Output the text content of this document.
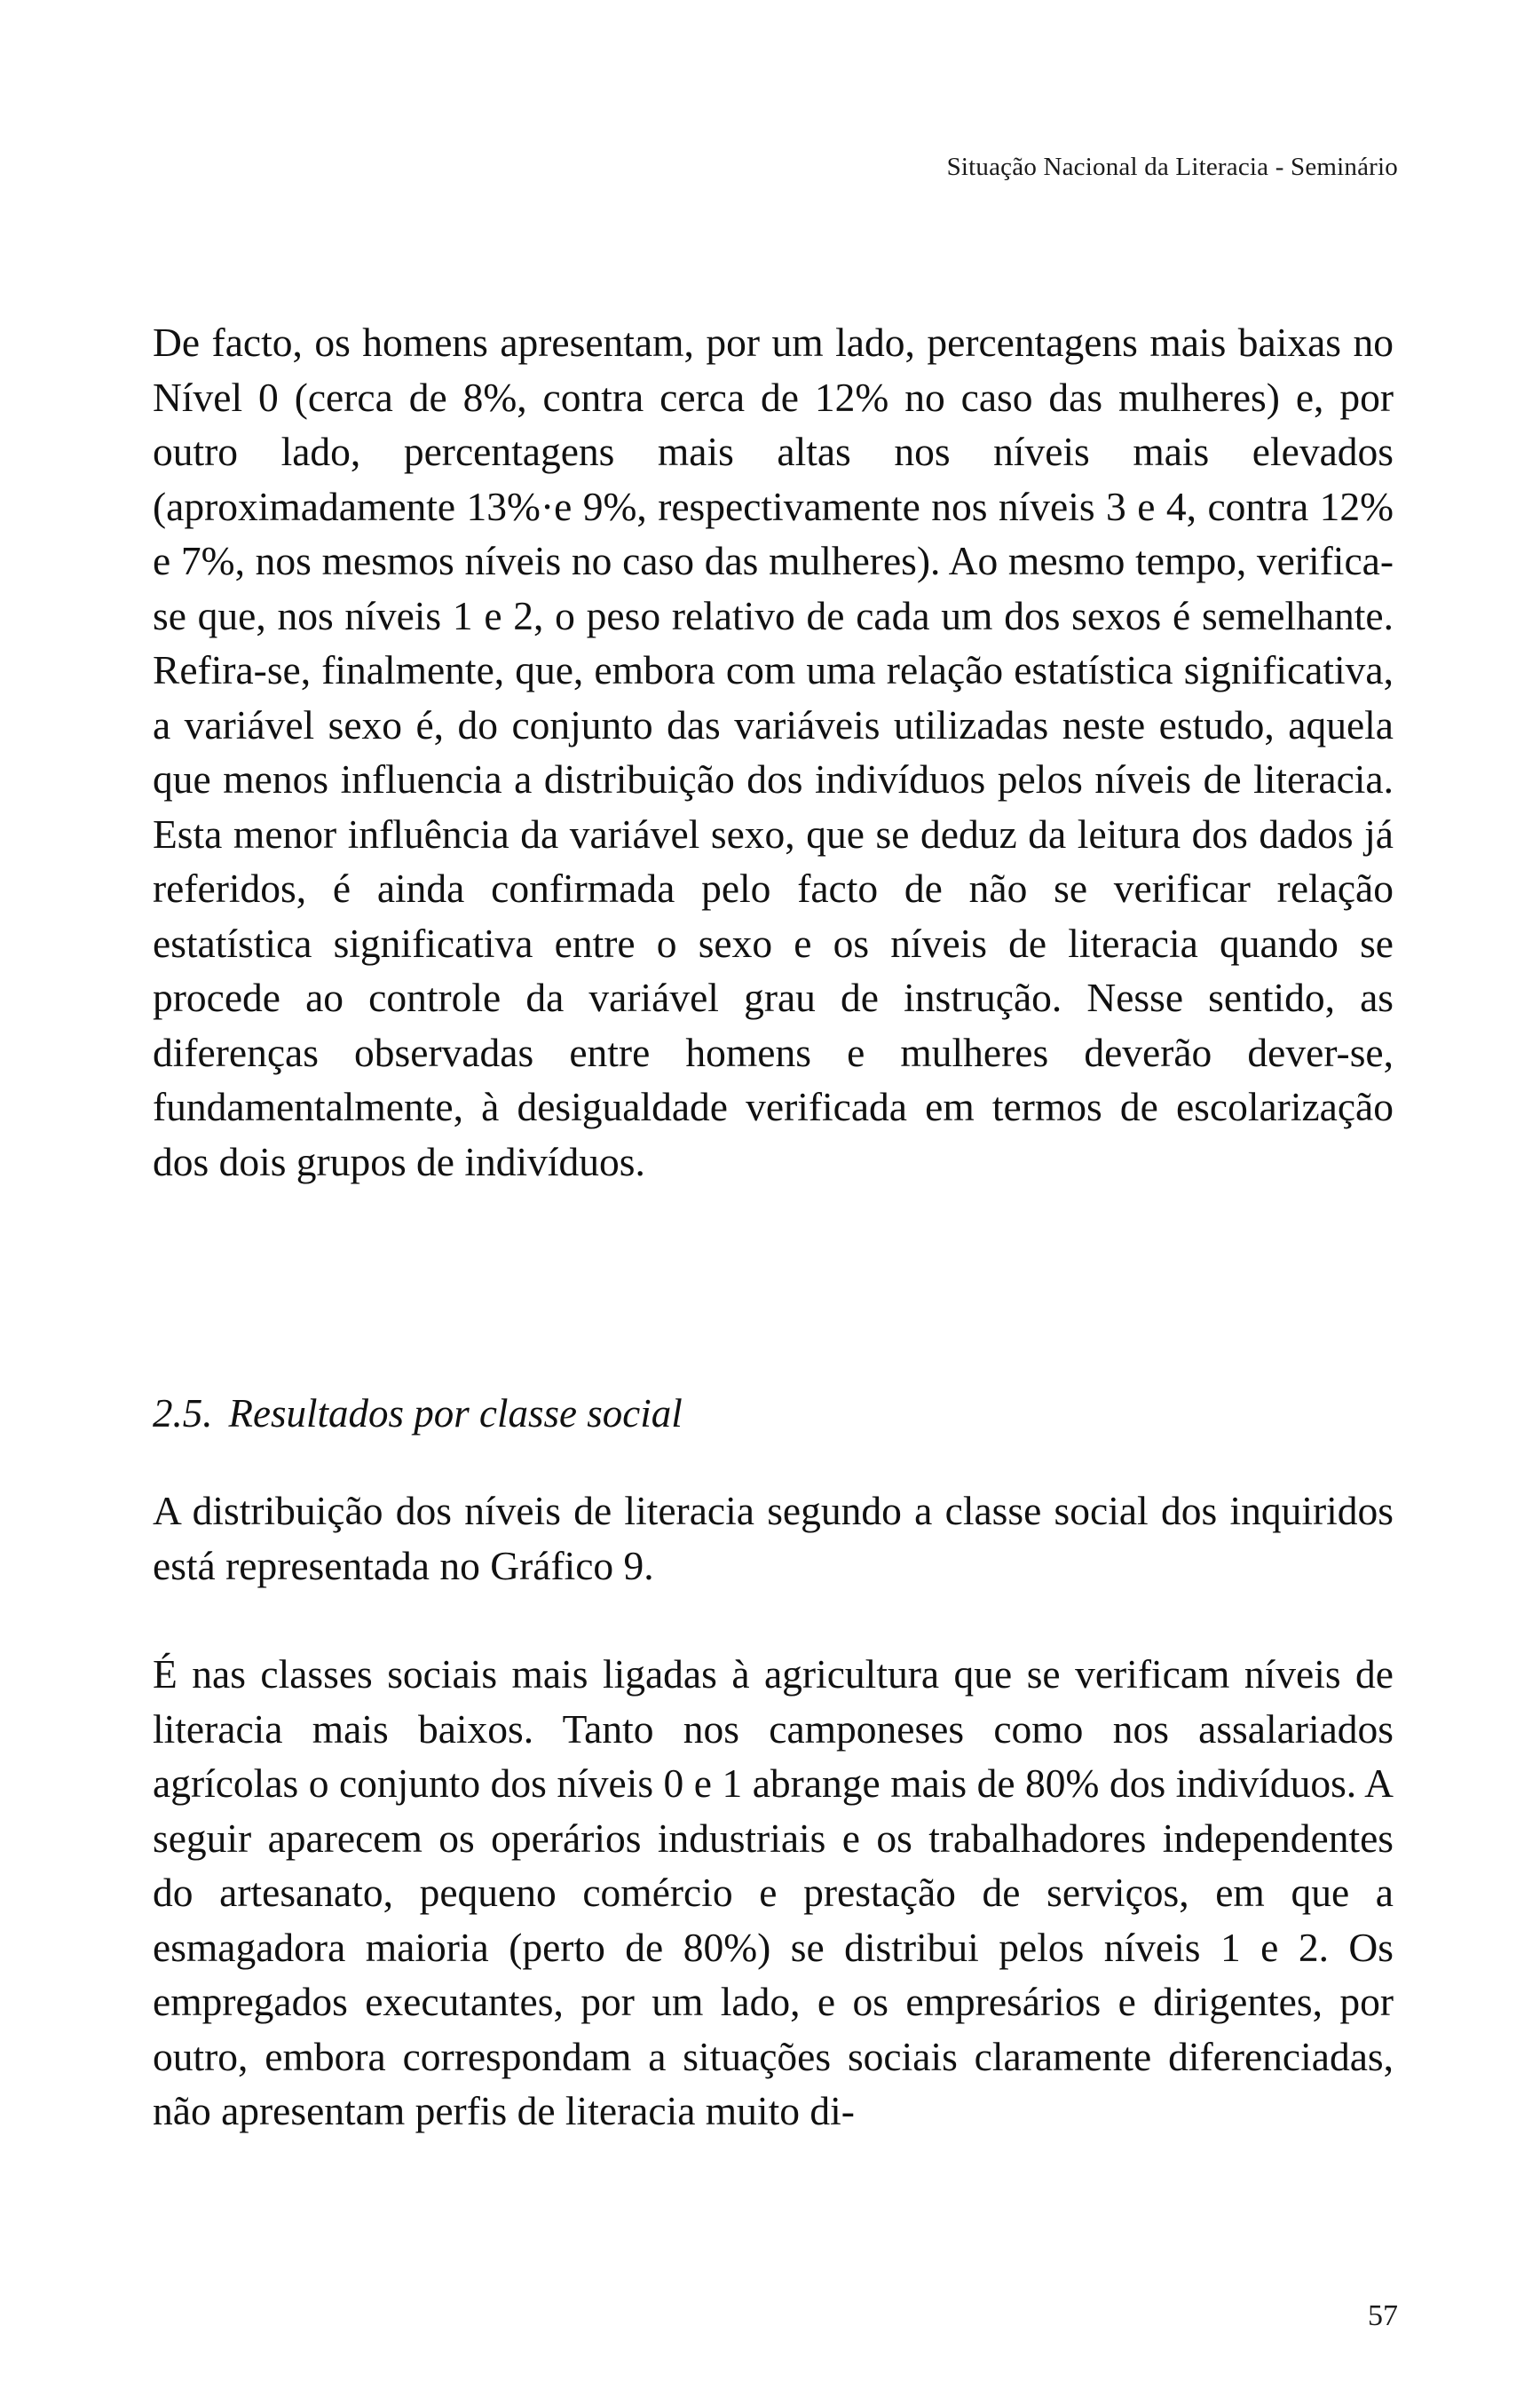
Situação Nacional da Literacia - Seminário

De facto, os homens apresentam, por um lado, percentagens mais baixas no Nível 0 (cerca de 8%, contra cerca de 12% no caso das mulheres) e, por outro lado, percentagens mais altas nos níveis mais elevados (aproximadamente 13%·e 9%, respectivamente nos níveis 3 e 4, contra 12% e 7%, nos mesmos níveis no caso das mulheres). Ao mesmo tempo, verifica-se que, nos níveis 1 e 2, o peso relativo de cada um dos sexos é semelhante. Refira-se, finalmente, que, embora com uma relação estatística significativa, a variável sexo é, do conjunto das variáveis utilizadas neste estudo, aquela que menos influencia a distribuição dos indivíduos pelos níveis de literacia. Esta menor influência da variável sexo, que se deduz da leitura dos dados já referidos, é ainda confirmada pelo facto de não se verificar relação estatística significativa entre o sexo e os níveis de literacia quando se procede ao controle da variável grau de instrução. Nesse sentido, as diferenças observadas entre homens e mulheres deverão dever-se, fundamentalmente, à desigualdade verificada em termos de escolarização dos dois grupos de indivíduos.

2.5. Resultados por classe social

A distribuição dos níveis de literacia segundo a classe social dos inquiridos está representada no Gráfico 9.

É nas classes sociais mais ligadas à agricultura que se verificam níveis de literacia mais baixos. Tanto nos camponeses como nos assalariados agrícolas o conjunto dos níveis 0 e 1 abrange mais de 80% dos indivíduos. A seguir aparecem os operários industriais e os trabalhadores independentes do artesanato, pequeno comércio e prestação de serviços, em que a esmagadora maioria (perto de 80%) se distribui pelos níveis 1 e 2. Os empregados executantes, por um lado, e os empresários e dirigentes, por outro, embora correspondam a situações sociais claramente diferenciadas, não apresentam perfis de literacia muito di-

57
